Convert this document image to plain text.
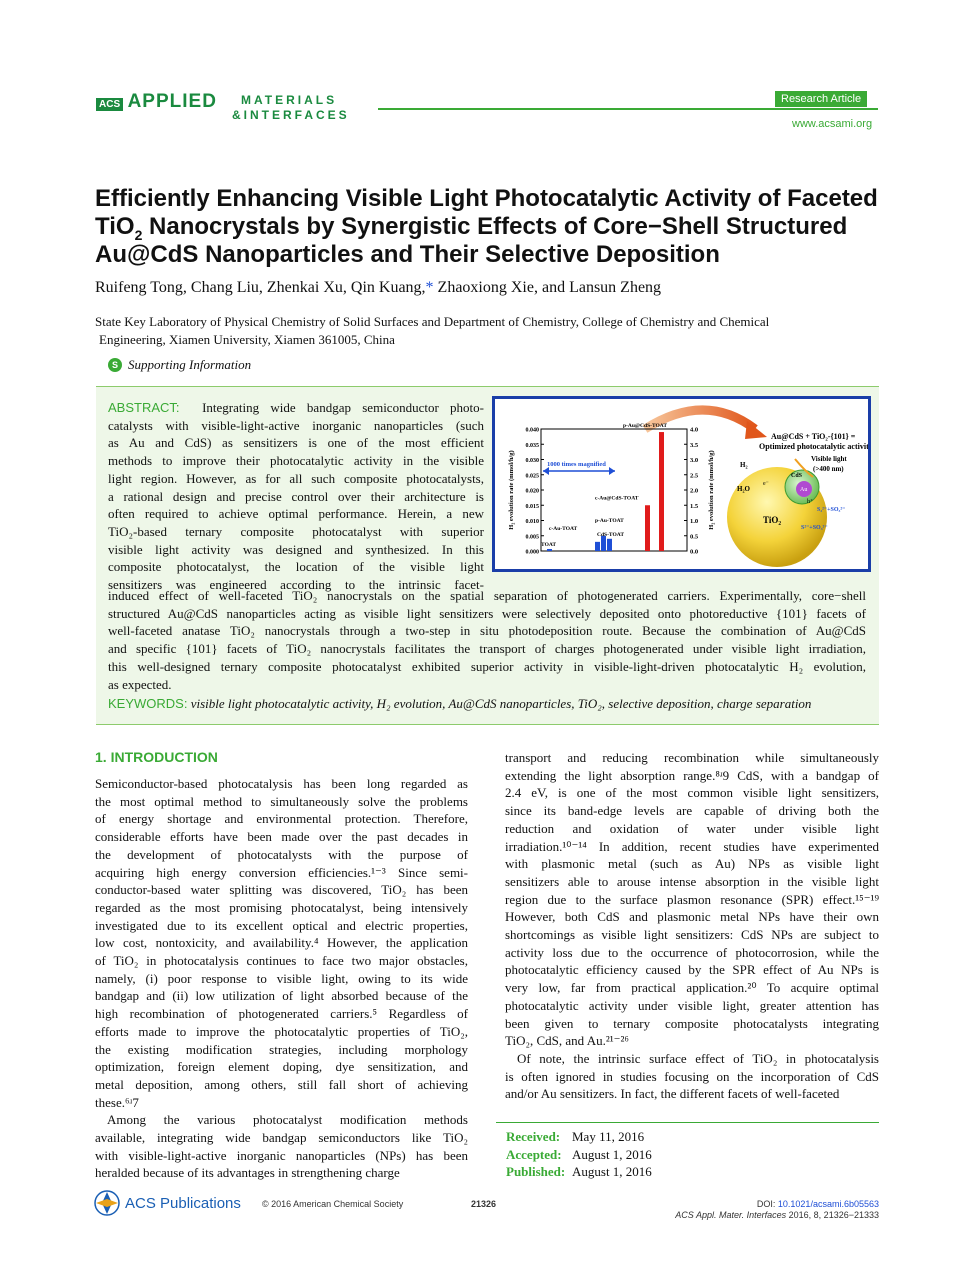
ACS APPLIED MATERIALS
&INTERFACES
Research Article
www.acsami.org
Efficiently Enhancing Visible Light Photocatalytic Activity of Faceted
TiO$_2$ Nanocrystals by Synergistic Effects of Core−Shell Structured
Au@CdS Nanoparticles and Their Selective Deposition
Ruifeng Tong, Chang Liu, Zhenkai Xu, Qin Kuang,* Zhaoxiong Xie, and Lansun Zheng
State Key Laboratory of Physical Chemistry of Solid Surfaces and Department of Chemistry, College of Chemistry and Chemical
Engineering, Xiamen University, Xiamen 361005, China
S Supporting Information
ABSTRACT: Integrating wide bandgap semiconductor photo-
catalysts with visible-light-active inorganic nanoparticles (such
as Au and CdS) as sensitizers is one of the most efficient
methods to improve their photocatalytic activity in the visible
light region. However, as for all such composite photocatalysts,
a rational design and precise control over their architecture is
often required to achieve optimal performance. Herein, a new
TiO₂-based ternary composite photocatalyst with superior
visible light activity was designed and synthesized. In this
composite photocatalyst, the location of the visible light
sensitizers was engineered according to the intrinsic facet-
0.0
0.5
1.0
1.5
2.0
2.5
3.0
3.5
4.0
0.000
0.005
0.010
0.015
0.020
0.025
0.030
0.035
0.040
H₂ evolution rate (mmol/h/g)	H₂ evolution rate (mmol/h/g)
TOAT
c-Au-TOAT
p-Au-TOAT
CdS-TOAT
c-Au@CdS-TOAT
p-Au@CdS-TOAT
1000 times magnified
Au@CdS + TiO₂-{101} =
Optimized photocatalytic activity
Visible light
(>400 nm)
H₂
H₂O
CdS
Au
TiO₂
S₂²⁻+SO₃²⁻
S²⁻+SO₃²⁻
e⁻
h⁺
induced effect of well-faceted TiO₂ nanocrystals on the spatial separation of photogenerated carriers. Experimentally, core−shell
structured Au@CdS nanoparticles acting as visible light sensitizers were selectively deposited onto photoreductive {101} facets of
well-faceted anatase TiO₂ nanocrystals through a two-step in situ photodeposition route. Because the combination of Au@CdS
and specific {101} facets of TiO₂ nanocrystals facilitates the transport of charges photogenerated under visible light irradiation,
this well-designed ternary composite photocatalyst exhibited superior activity in visible-light-driven photocatalytic H₂ evolution,
as expected.
KEYWORDS: visible light photocatalytic activity, H₂ evolution, Au@CdS nanoparticles, TiO₂, selective deposition, charge separation
1. INTRODUCTION
Semiconductor-based photocatalysis has been long regarded as
the most optimal method to simultaneously solve the problems
of energy shortage and environmental protection. Therefore,
considerable efforts have been made over the past decades in
the development of photocatalysts with the purpose of
acquiring high energy conversion efficiencies.¹⁻³ Since semi-
conductor-based water splitting was discovered, TiO₂ has been
regarded as the most promising photocatalyst, being intensively
investigated due to its excellent optical and electric properties,
low cost, nontoxicity, and availability.⁴ However, the application
of TiO₂ in photocatalysis continues to face two major obstacles,
namely, (i) poor response to visible light, owing to its wide
bandgap and (ii) low utilization of light absorbed because of the
high recombination of photogenerated carriers.⁵ Regardless of
efforts made to improve the photocatalytic properties of TiO₂,
the existing modification strategies, including morphology
optimization, foreign element doping, dye sensitization, and
metal deposition, among others, still fall short of achieving
these.⁶ʴ7
Among the various photocatalyst modification methods
available, integrating wide bandgap semiconductors like TiO₂
with visible-light-active inorganic nanoparticles (NPs) has been
heralded because of its advantages in strengthening charge
transport and reducing recombination while simultaneously
extending the light absorption range.⁸ʴ9 CdS, with a bandgap of
2.4 eV, is one of the most common visible light sensitizers,
since its band-edge levels are capable of driving both the
reduction and oxidation of water under visible light
irradiation.¹⁰⁻¹⁴ In addition, recent studies have experimented
with plasmonic metal (such as Au) NPs as visible light
sensitizers able to arouse intense absorption in the visible light
region due to the surface plasmon resonance (SPR) effect.¹⁵⁻¹⁹
However, both CdS and plasmonic metal NPs have their own
shortcomings as visible light sensitizers: CdS NPs are subject to
activity loss due to the occurrence of photocorrosion, while the
photocatalytic efficiency caused by the SPR effect of Au NPs is
very low, far from practical application.²⁰ To acquire optimal
photocatalytic activity under visible light, greater attention has
been given to ternary composite photocatalysts integrating
TiO₂, CdS, and Au.²¹⁻²⁶
Of note, the intrinsic surface effect of TiO₂ in photocatalysis
is often ignored in studies focusing on the incorporation of CdS
and/or Au sensitizers. In fact, the different facets of well-faceted
Received: May 11, 2016
Accepted: August 1, 2016
Published: August 1, 2016
ACS Publications © 2016 American Chemical Society	21326	DOI: 10.1021/acsami.6b05563
ACS Appl. Mater. Interfaces 2016, 8, 21326−21333
